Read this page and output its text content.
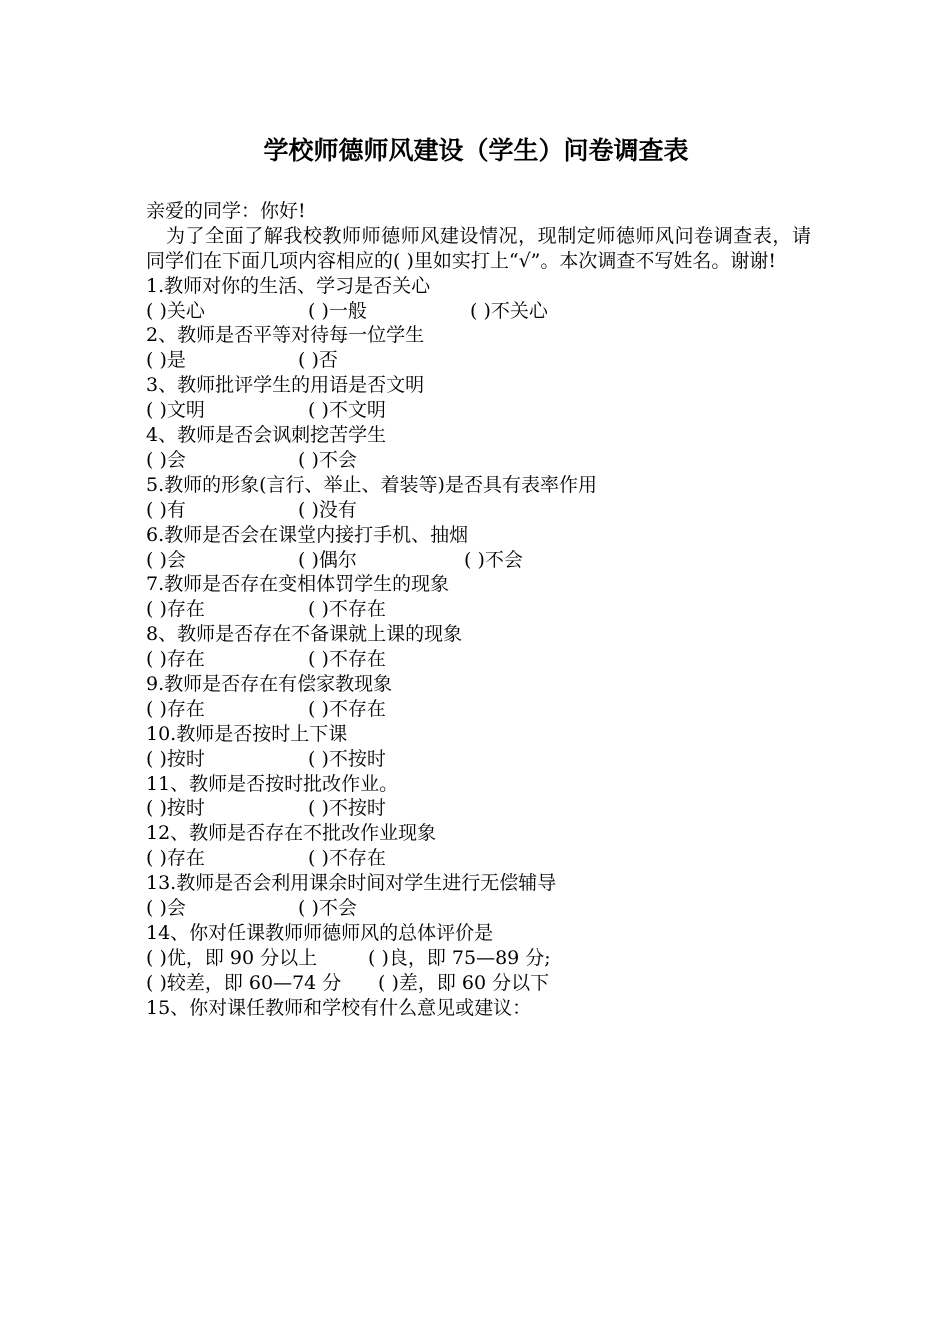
学校师德师风建设（学生）问卷调查表
亲爱的同学：你好!
为了全面了解我校教师师德师风建设情况，现制定师德师风问卷调查表，请同学们在下面几项内容相应的( )里如实打上“√”。本次调查不写姓名。谢谢!
1.教师对你的生活、学习是否关心
( )关心	( )一般	( )不关心
2、教师是否平等对待每一位学生
( )是	( )否
3、教师批评学生的用语是否文明
( )文明	( )不文明
4、教师是否会讽刺挖苦学生
( )会	( )不会
5.教师的形象(言行、举止、着装等)是否具有表率作用
( )有	( )没有
6.教师是否会在课堂内接打手机、抽烟
( )会	( )偶尔	( )不会
7.教师是否存在变相体罚学生的现象
( )存在	( )不存在
8、教师是否存在不备课就上课的现象
( )存在	( )不存在
9.教师是否存在有偿家教现象
( )存在	( )不存在
10.教师是否按时上下课
( )按时	( )不按时
11、教师是否按时批改作业。
( )按时	( )不按时
12、教师是否存在不批改作业现象
( )存在	( )不存在
13.教师是否会利用课余时间对学生进行无偿辅导
( )会	( )不会
14、你对任课教师师德师风的总体评价是
( )优，即 90 分以上	( )良，即 75—89 分;
( )较差，即 60—74 分 ( )差，即 60 分以下
15、你对课任教师和学校有什么意见或建议：
